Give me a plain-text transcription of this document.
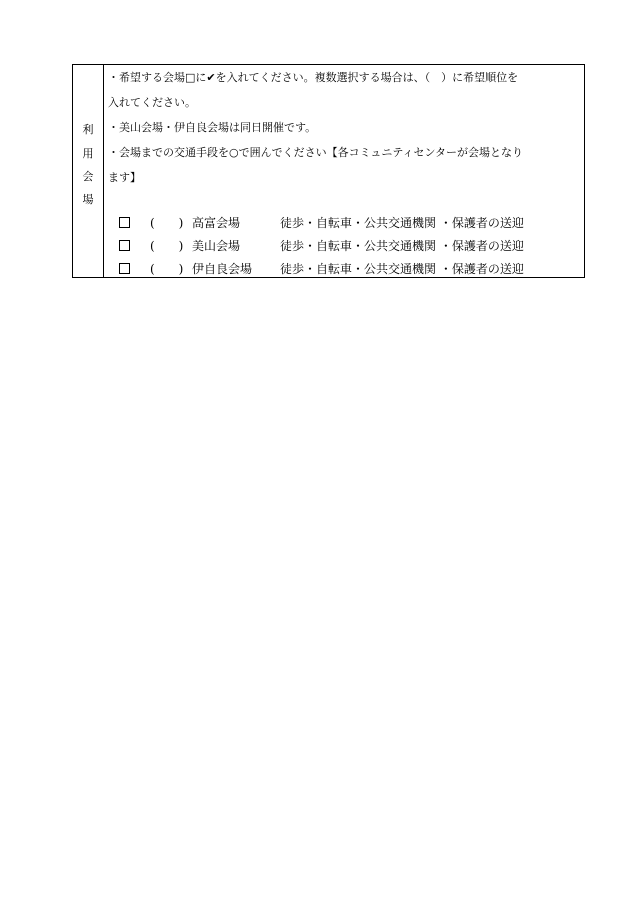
利
用
会
場
・希望する会場□に✔を入れてください。複数選択する場合は、（　）に希望順位を
入れてください。
・美山会場・伊自良会場は同日開催です。
・会場までの交通手段を○で囲んでください【各コミュニティセンターが会場となり
ます】
(　　) 高富会場	徒歩・自転車・公共交通機関 ・保護者の送迎
(　　) 美山会場	徒歩・自転車・公共交通機関 ・保護者の送迎
(　　) 伊自良会場 徒歩・自転車・公共交通機関 ・保護者の送迎
